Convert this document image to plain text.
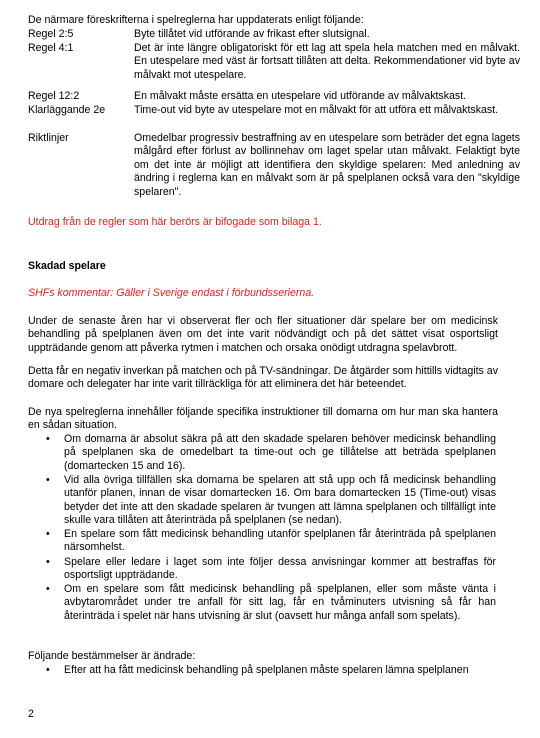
De närmare föreskrifterna i spelreglerna har uppdaterats enligt följande:

Regel 2:5	Byte tillåtet vid utförande av frikast efter slutsignal.
Regel 4:1	Det är inte längre obligatoriskt för ett lag att spela hela matchen med en målvakt. En utespelare med väst är fortsatt tillåten att delta. Rekommendationer vid byte av målvakt mot utespelare.
Regel 12:2	En målvakt måste ersätta en utespelare vid utförande av målvaktskast.
Klarläggande 2e	Time-out vid byte av utespelare mot en målvakt för att utföra ett målvaktskast.
Riktlinjer	Omedelbar progressiv bestraffning av en utespelare som beträder det egna lagets målgård efter förlust av bollinnehav om laget spelar utan målvakt. Felaktigt byte om det inte är möjligt att identifiera den skyldige spelaren: Med anledning av ändring i reglerna kan en målvakt som är på spelplanen också vara den "skyldige spelaren".

Utdrag från de regler som här berörs är bifogade som bilaga 1.

Skadad spelare

SHFs kommentar: Gäller i Sverige endast i förbundsserierna.

Under de senaste åren har vi observerat fler och fler situationer där spelare ber om medicinsk behandling på spelplanen även om det inte varit nödvändigt och på det sättet visat osportsligt uppträdande genom att påverka rytmen i matchen och orsaka onödigt utdragna spelavbrott.

Detta får en negativ inverkan på matchen och på TV-sändningar. De åtgärder som hittills vidtagits av domare och delegater har inte varit tillräckliga för att eliminera det här beteendet.

De nya spelreglerna innehåller följande specifika instruktioner till domarna om hur man ska hantera en sådan situation.

• Om domarna är absolut säkra på att den skadade spelaren behöver medicinsk behandling på spelplanen ska de omedelbart ta time-out och ge tillåtelse att beträda spelplanen (domartecken 15 and 16).
• Vid alla övriga tillfällen ska domarna be spelaren att stå upp och få medicinsk behandling utanför planen, innan de visar domartecken 16. Om bara domartecken 15 (Time-out) visas betyder det inte att den skadade spelaren är tvungen att lämna spelplanen och tillfälligt inte skulle vara tillåten att återinträda på spelplanen (se nedan).
• En spelare som fått medicinsk behandling utanför spelplanen får återinträda på spelplanen närsomhelst.
• Spelare eller ledare i laget som inte följer dessa anvisningar kommer att bestraffas för osportsligt uppträdande.
• Om en spelare som fått medicinsk behandling på spelplanen, eller som måste vänta i avbytarområdet under tre anfall för sitt lag, får en tvåminuters utvisning så får han återinträda i spelet när hans utvisning är slut (oavsett hur många anfall som spelats).

Följande bestämmelser är ändrade:

• Efter att ha fått medicinsk behandling på spelplanen måste spelaren lämna spelplanen
2
